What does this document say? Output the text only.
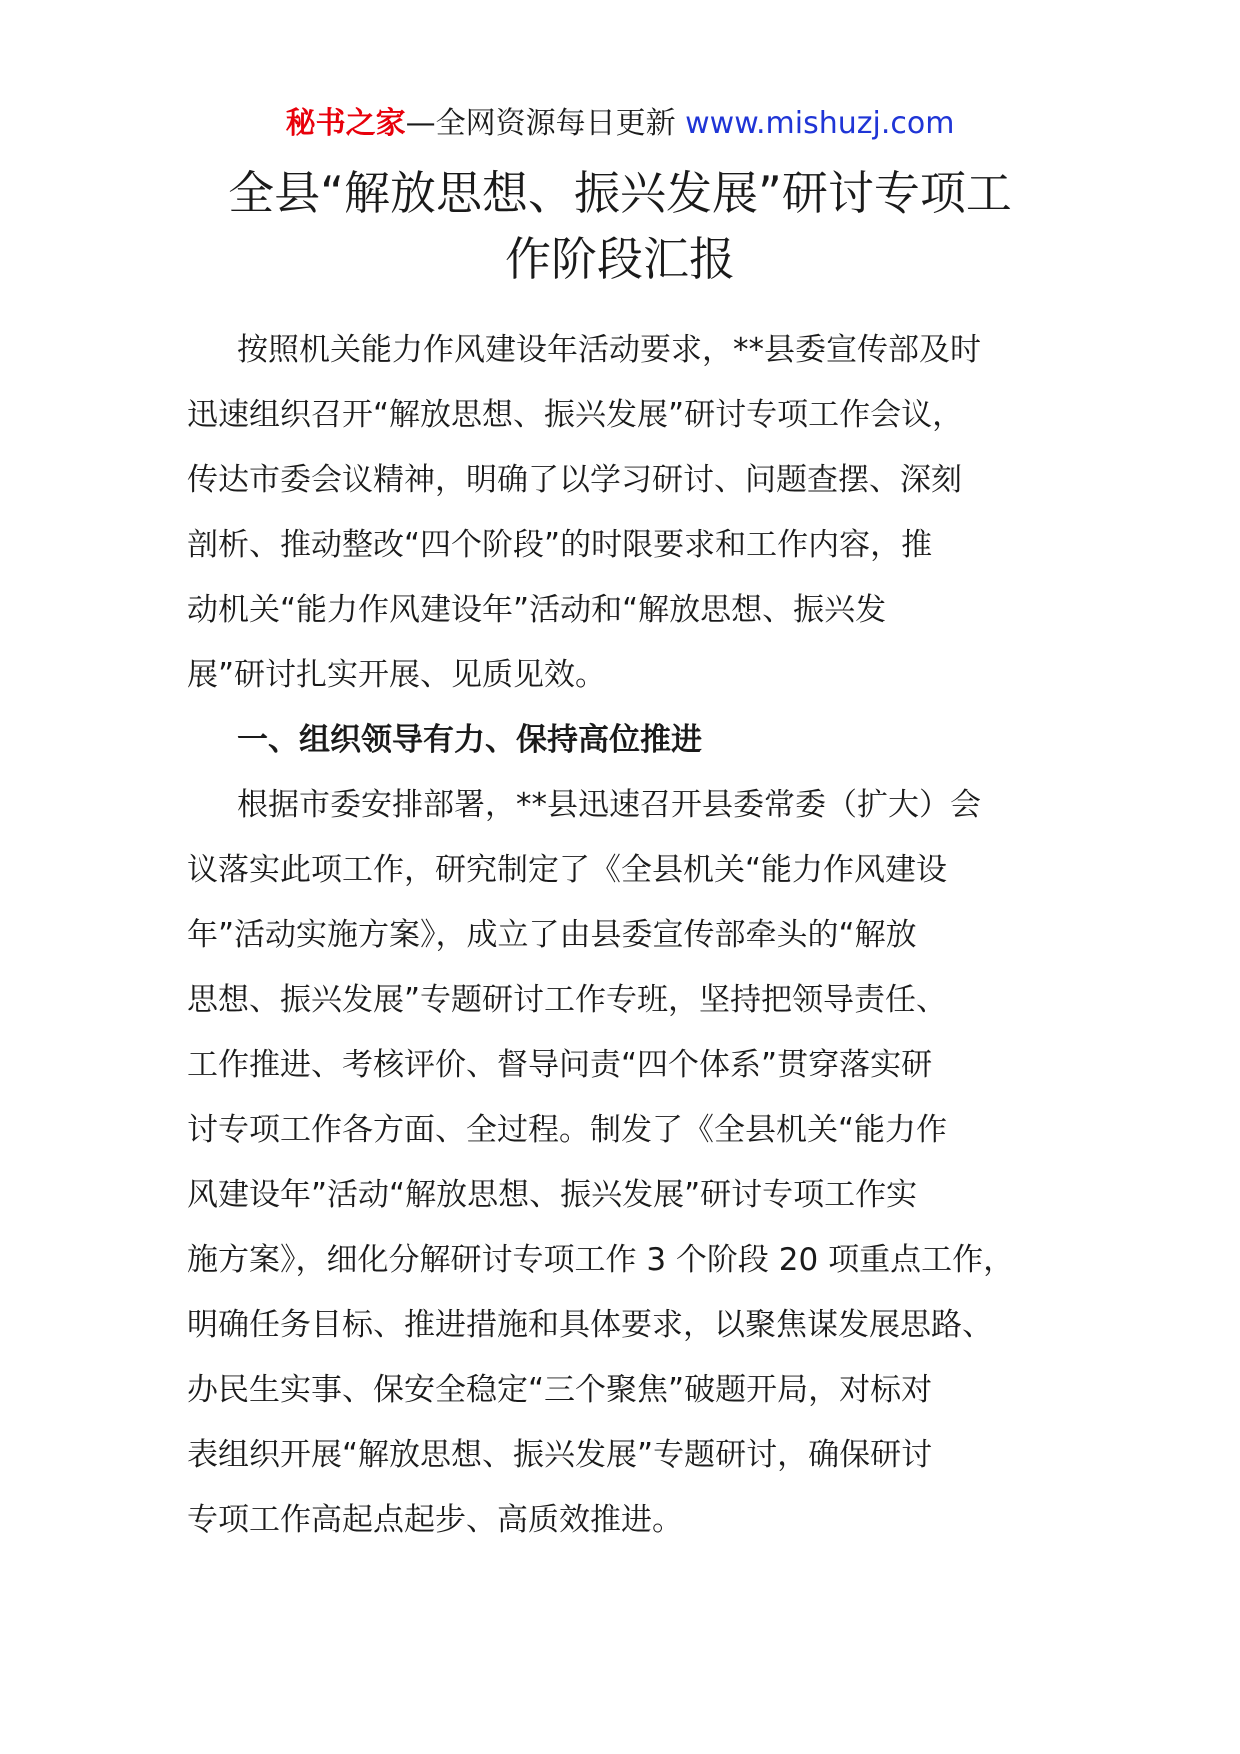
秘书之家—全网资源每日更新 www.mishuzj.com
全县“解放思想、振兴发展”研讨专项工
作阶段汇报
按照机关能力作风建设年活动要求，**县委宣传部及时
迅速组织召开“解放思想、振兴发展”研讨专项工作会议，
传达市委会议精神，明确了以学习研讨、问题查摆、深刻
剖析、推动整改“四个阶段”的时限要求和工作内容，推
动机关“能力作风建设年”活动和“解放思想、振兴发
展”研讨扎实开展、见质见效。
一、组织领导有力、保持高位推进
根据市委安排部署，**县迅速召开县委常委（扩大）会
议落实此项工作，研究制定了《全县机关“能力作风建设
年”活动实施方案》，成立了由县委宣传部牵头的“解放
思想、振兴发展”专题研讨工作专班，坚持把领导责任、
工作推进、考核评价、督导问责“四个体系”贯穿落实研
讨专项工作各方面、全过程。制发了《全县机关“能力作
风建设年”活动“解放思想、振兴发展”研讨专项工作实
施方案》，细化分解研讨专项工作 3 个阶段 20 项重点工作，
明确任务目标、推进措施和具体要求，以聚焦谋发展思路、
办民生实事、保安全稳定“三个聚焦”破题开局，对标对
表组织开展“解放思想、振兴发展”专题研讨，确保研讨
专项工作高起点起步、高质效推进。
